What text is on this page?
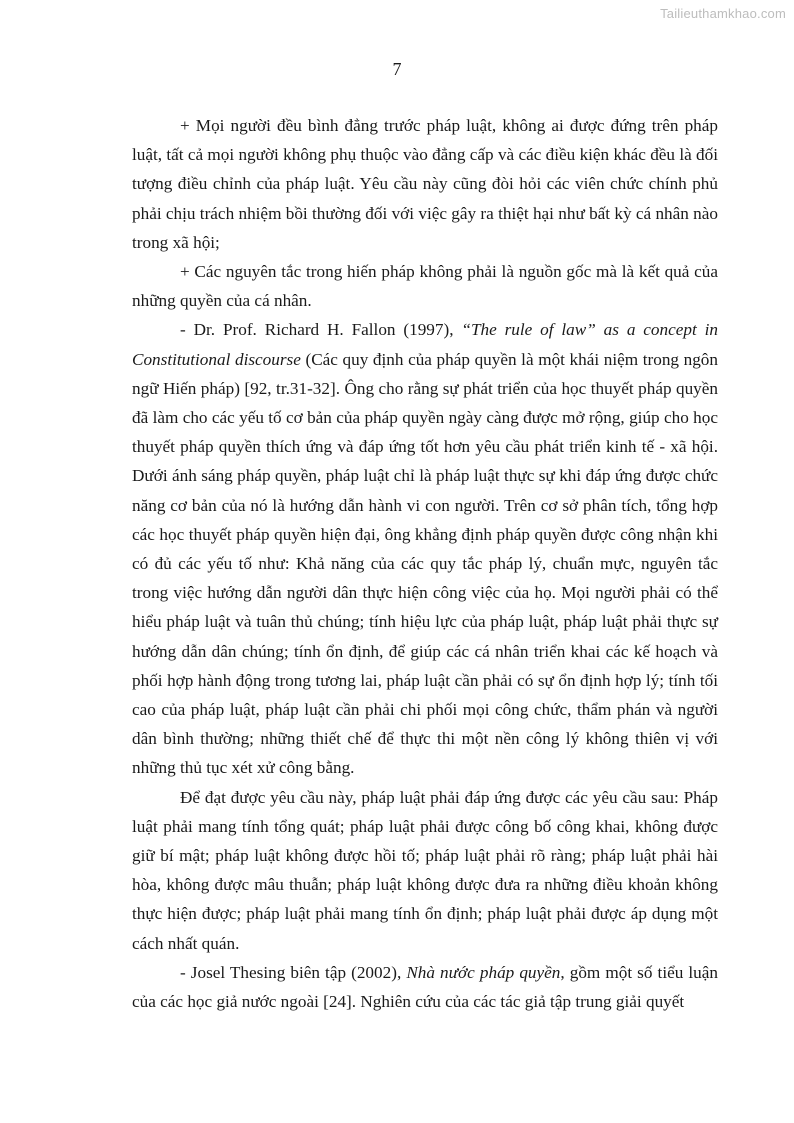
Tailieuthamkhao.com
7

+ Mọi người đều bình đẳng trước pháp luật, không ai được đứng trên pháp luật, tất cả mọi người không phụ thuộc vào đẳng cấp và các điều kiện khác đều là đối tượng điều chỉnh của pháp luật. Yêu cầu này cũng đòi hỏi các viên chức chính phủ phải chịu trách nhiệm bồi thường đối với việc gây ra thiệt hại như bất kỳ cá nhân nào trong xã hội;

+ Các nguyên tắc trong hiến pháp không phải là nguồn gốc mà là kết quả của những quyền của cá nhân.

- Dr. Prof. Richard H. Fallon (1997), “The rule of law” as a concept in Constitutional discourse (Các quy định của pháp quyền là một khái niệm trong ngôn ngữ Hiến pháp) [92, tr.31-32]. Ông cho rằng sự phát triển của học thuyết pháp quyền đã làm cho các yếu tố cơ bản của pháp quyền ngày càng được mở rộng, giúp cho học thuyết pháp quyền thích ứng và đáp ứng tốt hơn yêu cầu phát triển kinh tế - xã hội. Dưới ánh sáng pháp quyền, pháp luật chỉ là pháp luật thực sự khi đáp ứng được chức năng cơ bản của nó là hướng dẫn hành vi con người. Trên cơ sở phân tích, tổng hợp các học thuyết pháp quyền hiện đại, ông khẳng định pháp quyền được công nhận khi có đủ các yếu tố như: Khả năng của các quy tắc pháp lý, chuẩn mực, nguyên tắc trong việc hướng dẫn người dân thực hiện công việc của họ. Mọi người phải có thể hiểu pháp luật và tuân thủ chúng; tính hiệu lực của pháp luật, pháp luật phải thực sự hướng dẫn dân chúng; tính ổn định, để giúp các cá nhân triển khai các kế hoạch và phối hợp hành động trong tương lai, pháp luật cần phải có sự ổn định hợp lý; tính tối cao của pháp luật, pháp luật cần phải chi phối mọi công chức, thẩm phán và người dân bình thường; những thiết chế để thực thi một nền công lý không thiên vị với những thủ tục xét xử công bằng.

Để đạt được yêu cầu này, pháp luật phải đáp ứng được các yêu cầu sau: Pháp luật phải mang tính tổng quát; pháp luật phải được công bố công khai, không được giữ bí mật; pháp luật không được hồi tố; pháp luật phải rõ ràng; pháp luật phải hài hòa, không được mâu thuẫn; pháp luật không được đưa ra những điều khoản không thực hiện được; pháp luật phải mang tính ổn định; pháp luật phải được áp dụng một cách nhất quán.

- Josel Thesing biên tập (2002), Nhà nước pháp quyền, gồm một số tiểu luận của các học giả nước ngoài [24]. Nghiên cứu của các tác giả tập trung giải quyết
